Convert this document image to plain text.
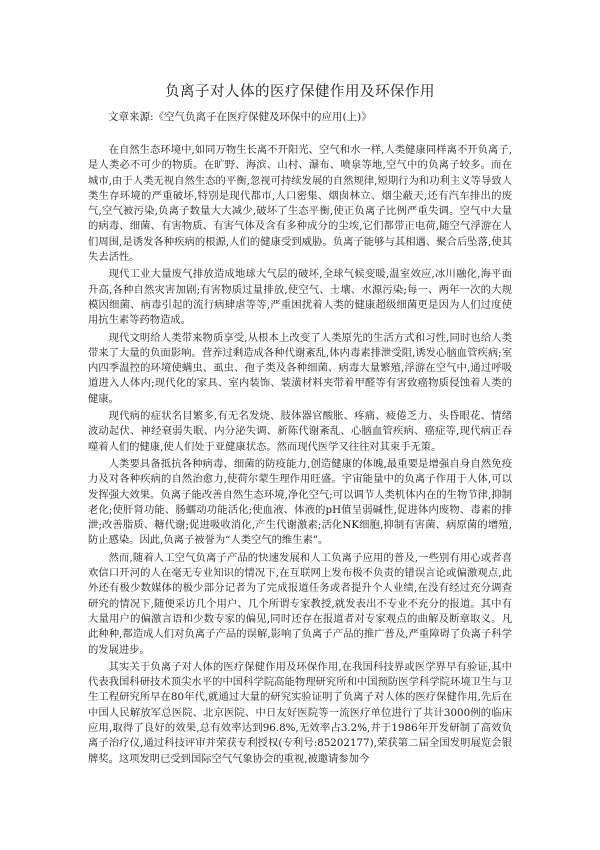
负离子对人体的医疗保健作用及环保作用
文章来源:《空气负离子在医疗保健及环保中的应用(上)》

在自然生态环境中,如同万物生长离不开阳光、空气和水一样,人类健康同样离不开负离子,是人类必不可少的物质。在旷野、海滨、山村、瀑布、喷泉等地,空气中的负离子较多。而在城市,由于人类无视自然生态的平衡,忽视可持续发展的自然规律,短期行为和功利主义等导致人类生存环境的严重破坏,特别是现代都市,人口密集、烟囱林立、烟尘蔽天,还有汽车排出的废气,空气被污染,负离子数量大大减少,破坏了生态平衡,使正负离子比例严重失调。空气中大量的病毒、细菌、有害物质、有害气体及含有多种成分的尘埃,它们都带正电荷,随空气浮游在人们周围,是诱发各种疾病的根源,人们的健康受到威胁。负离子能够与其相遇、聚合后坠落,使其失去活性。

现代工业大量废气排放造成地球大气层的破坏,全球气候变暖,温室效应,冰川融化,海平面升高,各种自然灾害加剧;有害物质过量排放,使空气、土壤、水源污染;每一、两年一次的大规模因细菌、病毒引起的流行病肆虐等等,严重困扰着人类的健康超级细菌更是因为人们过度使用抗生素等药物造成。

现代文明给人类带来物质享受,从根本上改变了人类原先的生活方式和习性,同时也给人类带来了大量的负面影响。营养过剩造成各种代谢紊乱,体内毒素排泄受阻,诱发心脑血管疾病;室内四季温控的环境使螨虫、虱虫、孢子类及各种细菌、病毒大量繁殖,浮游在空气中,通过呼吸道进入人体内;现代化的家具、室内装饰、装潢材料夹带着甲醛等有害致癌物质侵蚀着人类的健康。

现代病的症状名目繁多,有无名发烧、肢体器官酸胀、疼痛、疲倦乏力、头昏眼花、情绪波动起伏、神经衰弱失眠、内分泌失调、新陈代谢紊乱、心脑血管疾病、癌症等,现代病正吞噬着人们的健康,使人们处于亚健康状态。然而现代医学又往往对其束手无策。

人类要具备抵抗各种病毒、细菌的防疫能力,创造健康的体魄,最重要是增强自身自然免疫力及对各种疾病的自然治愈力,使荷尔蒙生理作用旺盛。宇宙能量中的负离子作用于人体,可以发挥强大效果。负离子能改善自然生态环境,净化空气;可以调节人类机体内在的生物节律,抑制老化;使肝肾功能、肠蠕动功能活化;使血液、体液的pH值呈弱碱性,促进体内废物、毒素的排泄;改善脂质、糖代谢;促进吸收消化,产生代谢激素;活化NK细胞,抑制有害菌、病原菌的增殖,防止感染。因此,负离子被誉为“人类空气的维生素”。

然而,随着人工空气负离子产品的快速发展和人工负离子应用的普及,一些别有用心或者喜欢信口开河的人在毫无专业知识的情况下,在互联网上发布极不负责的错误言论或偏激观点,此外还有极少数媒体的极少部分记者为了完成报道任务或者提升个人业绩,在没有经过充分调查研究的情况下,随便采访几个用户、几个所谓专家教授,就发表出不专业不充分的报道。其中有大量用户的偏激言语和少数专家的偏见,同时还存在报道者对专家观点的曲解及断章取义。凡此种种,都造成人们对负离子产品的误解,影响了负离子产品的推广普及,严重障碍了负离子科学的发展进步。

其实关于负离子对人体的医疗保健作用及环保作用,在我国科技界或医学界早有验证,其中代表我国科研技术顶尖水平的中国科学院高能物理研究所和中国预防医学科学院环境卫生与卫生工程研究所早在80年代,就通过大量的研究实验证明了负离子对人体的医疗保健作用,先后在中国人民解放军总医院、北京医院、中日友好医院等一流医疗单位进行了共计3000例的临床应用,取得了良好的效果,总有效率达到96.8%,无效率占3.2%,并于1986年开发研制了高效负离子治疗仪,通过科技评审并荣获专利授权(专利号:85202177),荣获第二届全国发明展览会银牌奖。这项发明已受到国际空气气象协会的重视,被邀请参加今
